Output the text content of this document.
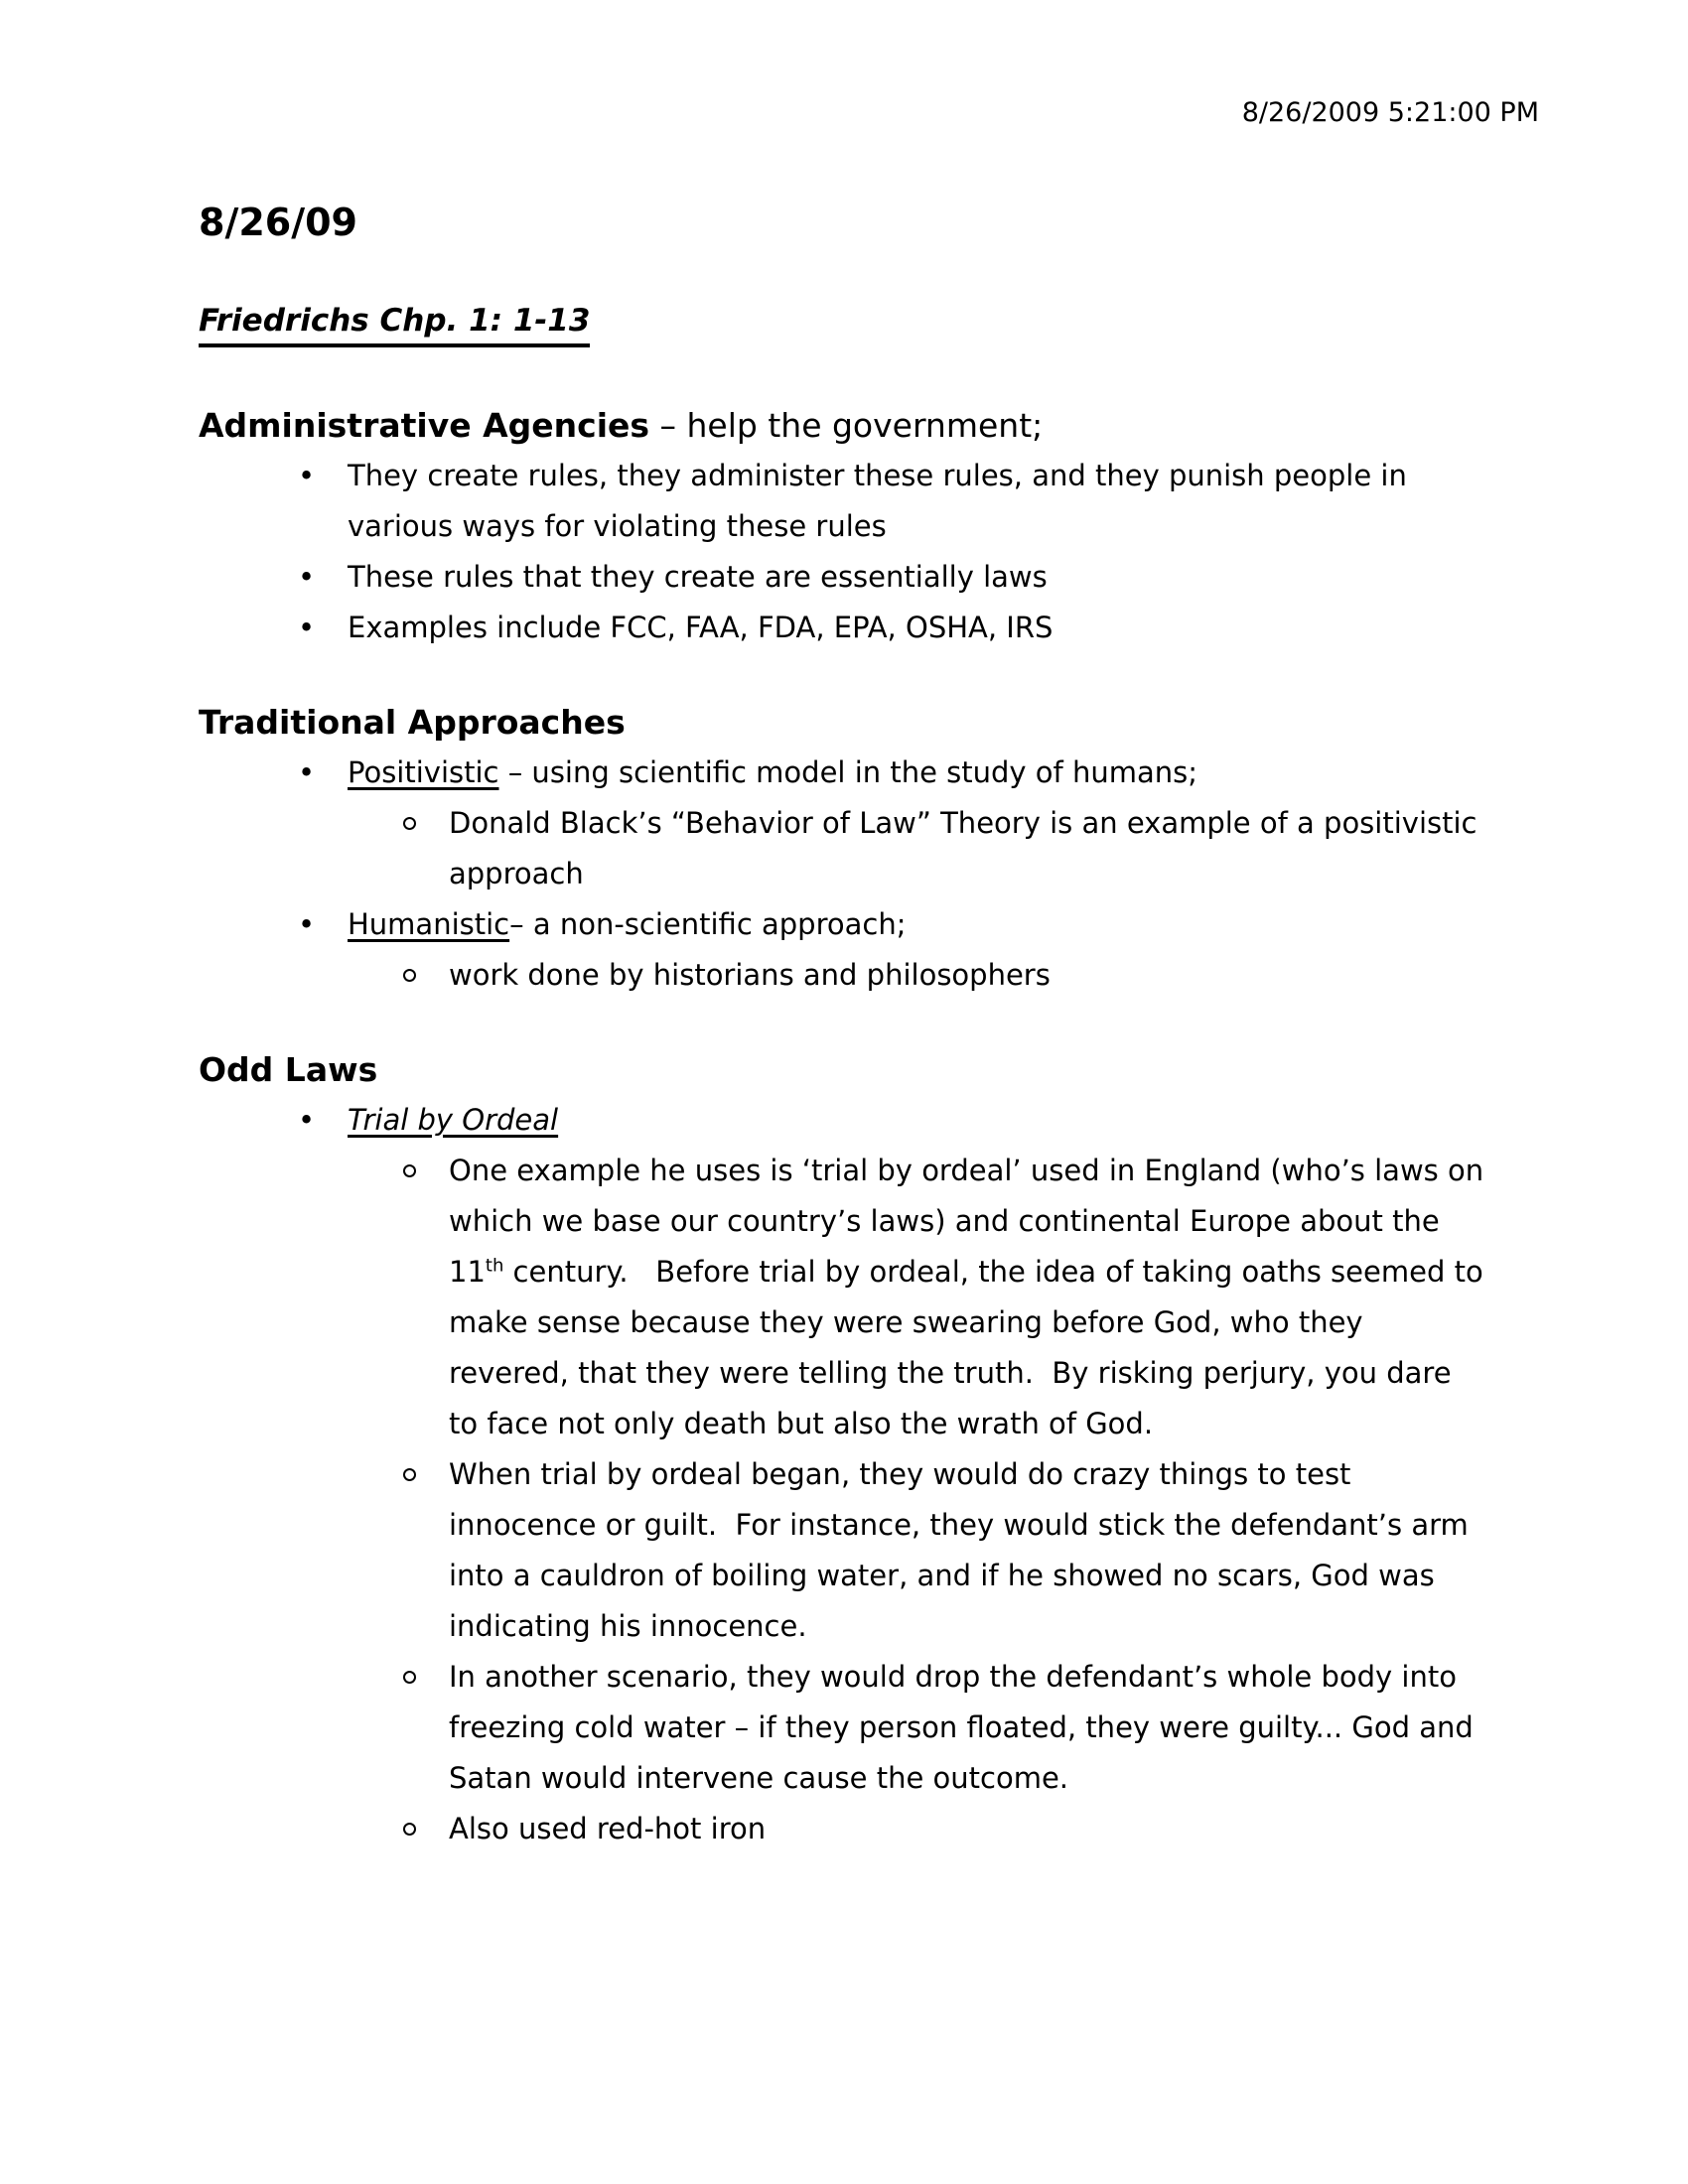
8/26/2009 5:21:00 PM
8/26/09
Friedrichs Chp. 1: 1-13
Administrative Agencies – help the government;
• They create rules, they administer these rules, and they punish people in various ways for violating these rules
• These rules that they create are essentially laws
• Examples include FCC, FAA, FDA, EPA, OSHA, IRS
Traditional Approaches
• Positivistic – using scientific model in the study of humans;
Donald Black’s “Behavior of Law” Theory is an example of a positivistic approach
• Humanistic– a non-scientific approach;
work done by historians and philosophers
Odd Laws
• Trial by Ordeal
One example he uses is ‘trial by ordeal’ used in England (who’s laws on which we base our country’s laws) and continental Europe about the 11th century.   Before trial by ordeal, the idea of taking oaths seemed to make sense because they were swearing before God, who they revered, that they were telling the truth.  By risking perjury, you dare to face not only death but also the wrath of God.
When trial by ordeal began, they would do crazy things to test innocence or guilt.  For instance, they would stick the defendant’s arm into a cauldron of boiling water, and if he showed no scars, God was indicating his innocence.
In another scenario, they would drop the defendant’s whole body into freezing cold water – if they person floated, they were guilty... God and Satan would intervene cause the outcome.
Also used red-hot iron
